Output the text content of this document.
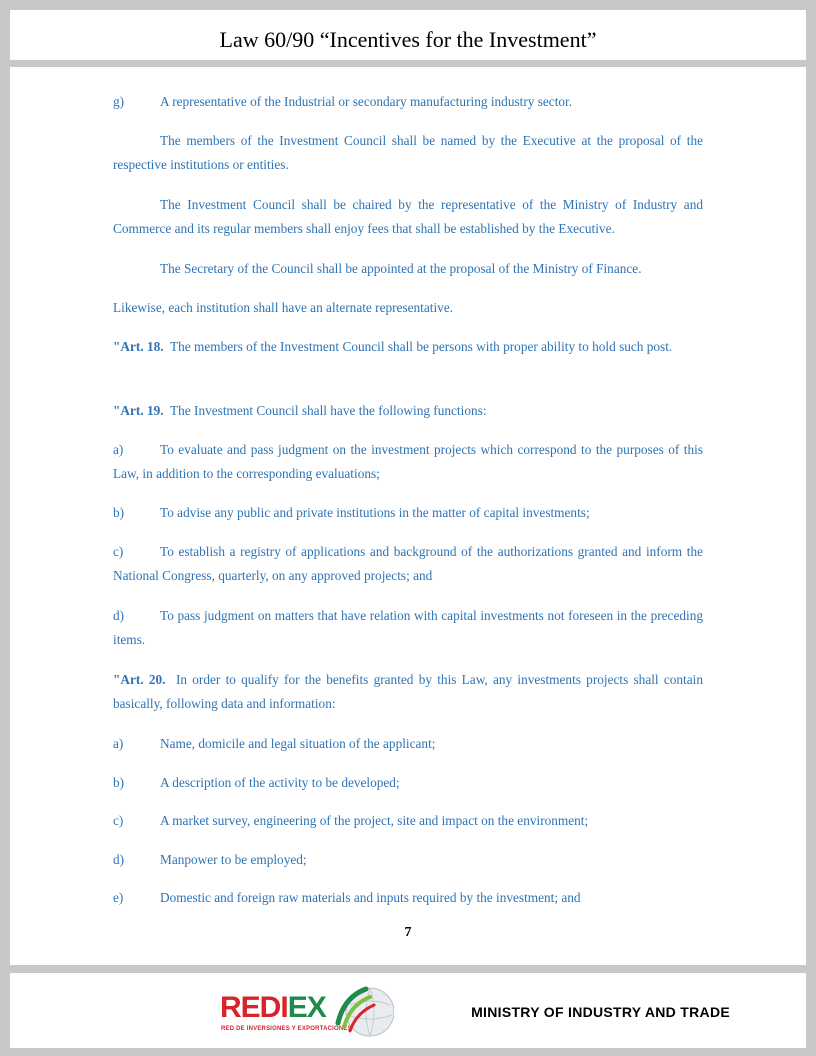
Law 60/90 “Incentives for the Investment”
g)	A representative of the Industrial or secondary manufacturing industry sector.
The members of the Investment Council shall be named by the Executive at the proposal of the respective institutions or entities.
The Investment Council shall be chaired by the representative of the Ministry of Industry and Commerce and its regular members shall enjoy fees that shall be established by the Executive.
The Secretary of the Council shall be appointed at the proposal of the Ministry of Finance.
Likewise, each institution shall have an alternate representative.
"Art. 18. The members of the Investment Council shall be persons with proper ability to hold such post.
"Art. 19. The Investment Council shall have the following functions:
a)	To evaluate and pass judgment on the investment projects which correspond to the purposes of this Law, in addition to the corresponding evaluations;
b)	To advise any public and private institutions in the matter of capital investments;
c)	To establish a registry of applications and background of the authorizations granted and inform the National Congress, quarterly, on any approved projects; and
d)	To pass judgment on matters that have relation with capital investments not foreseen in the preceding items.
"Art. 20. In order to qualify for the benefits granted by this Law, any investments projects shall contain basically, following data and information:
a)	Name, domicile and legal situation of the applicant;
b)	A description of the activity to be developed;
c)	A market survey, engineering of the project, site and impact on the environment;
d)	Manpower to be employed;
e)	Domestic and foreign raw materials and inputs required by the investment; and
7
REDIEX
RED DE INVERSIONES Y EXPORTACIONES
MINISTRY OF INDUSTRY AND TRADE
